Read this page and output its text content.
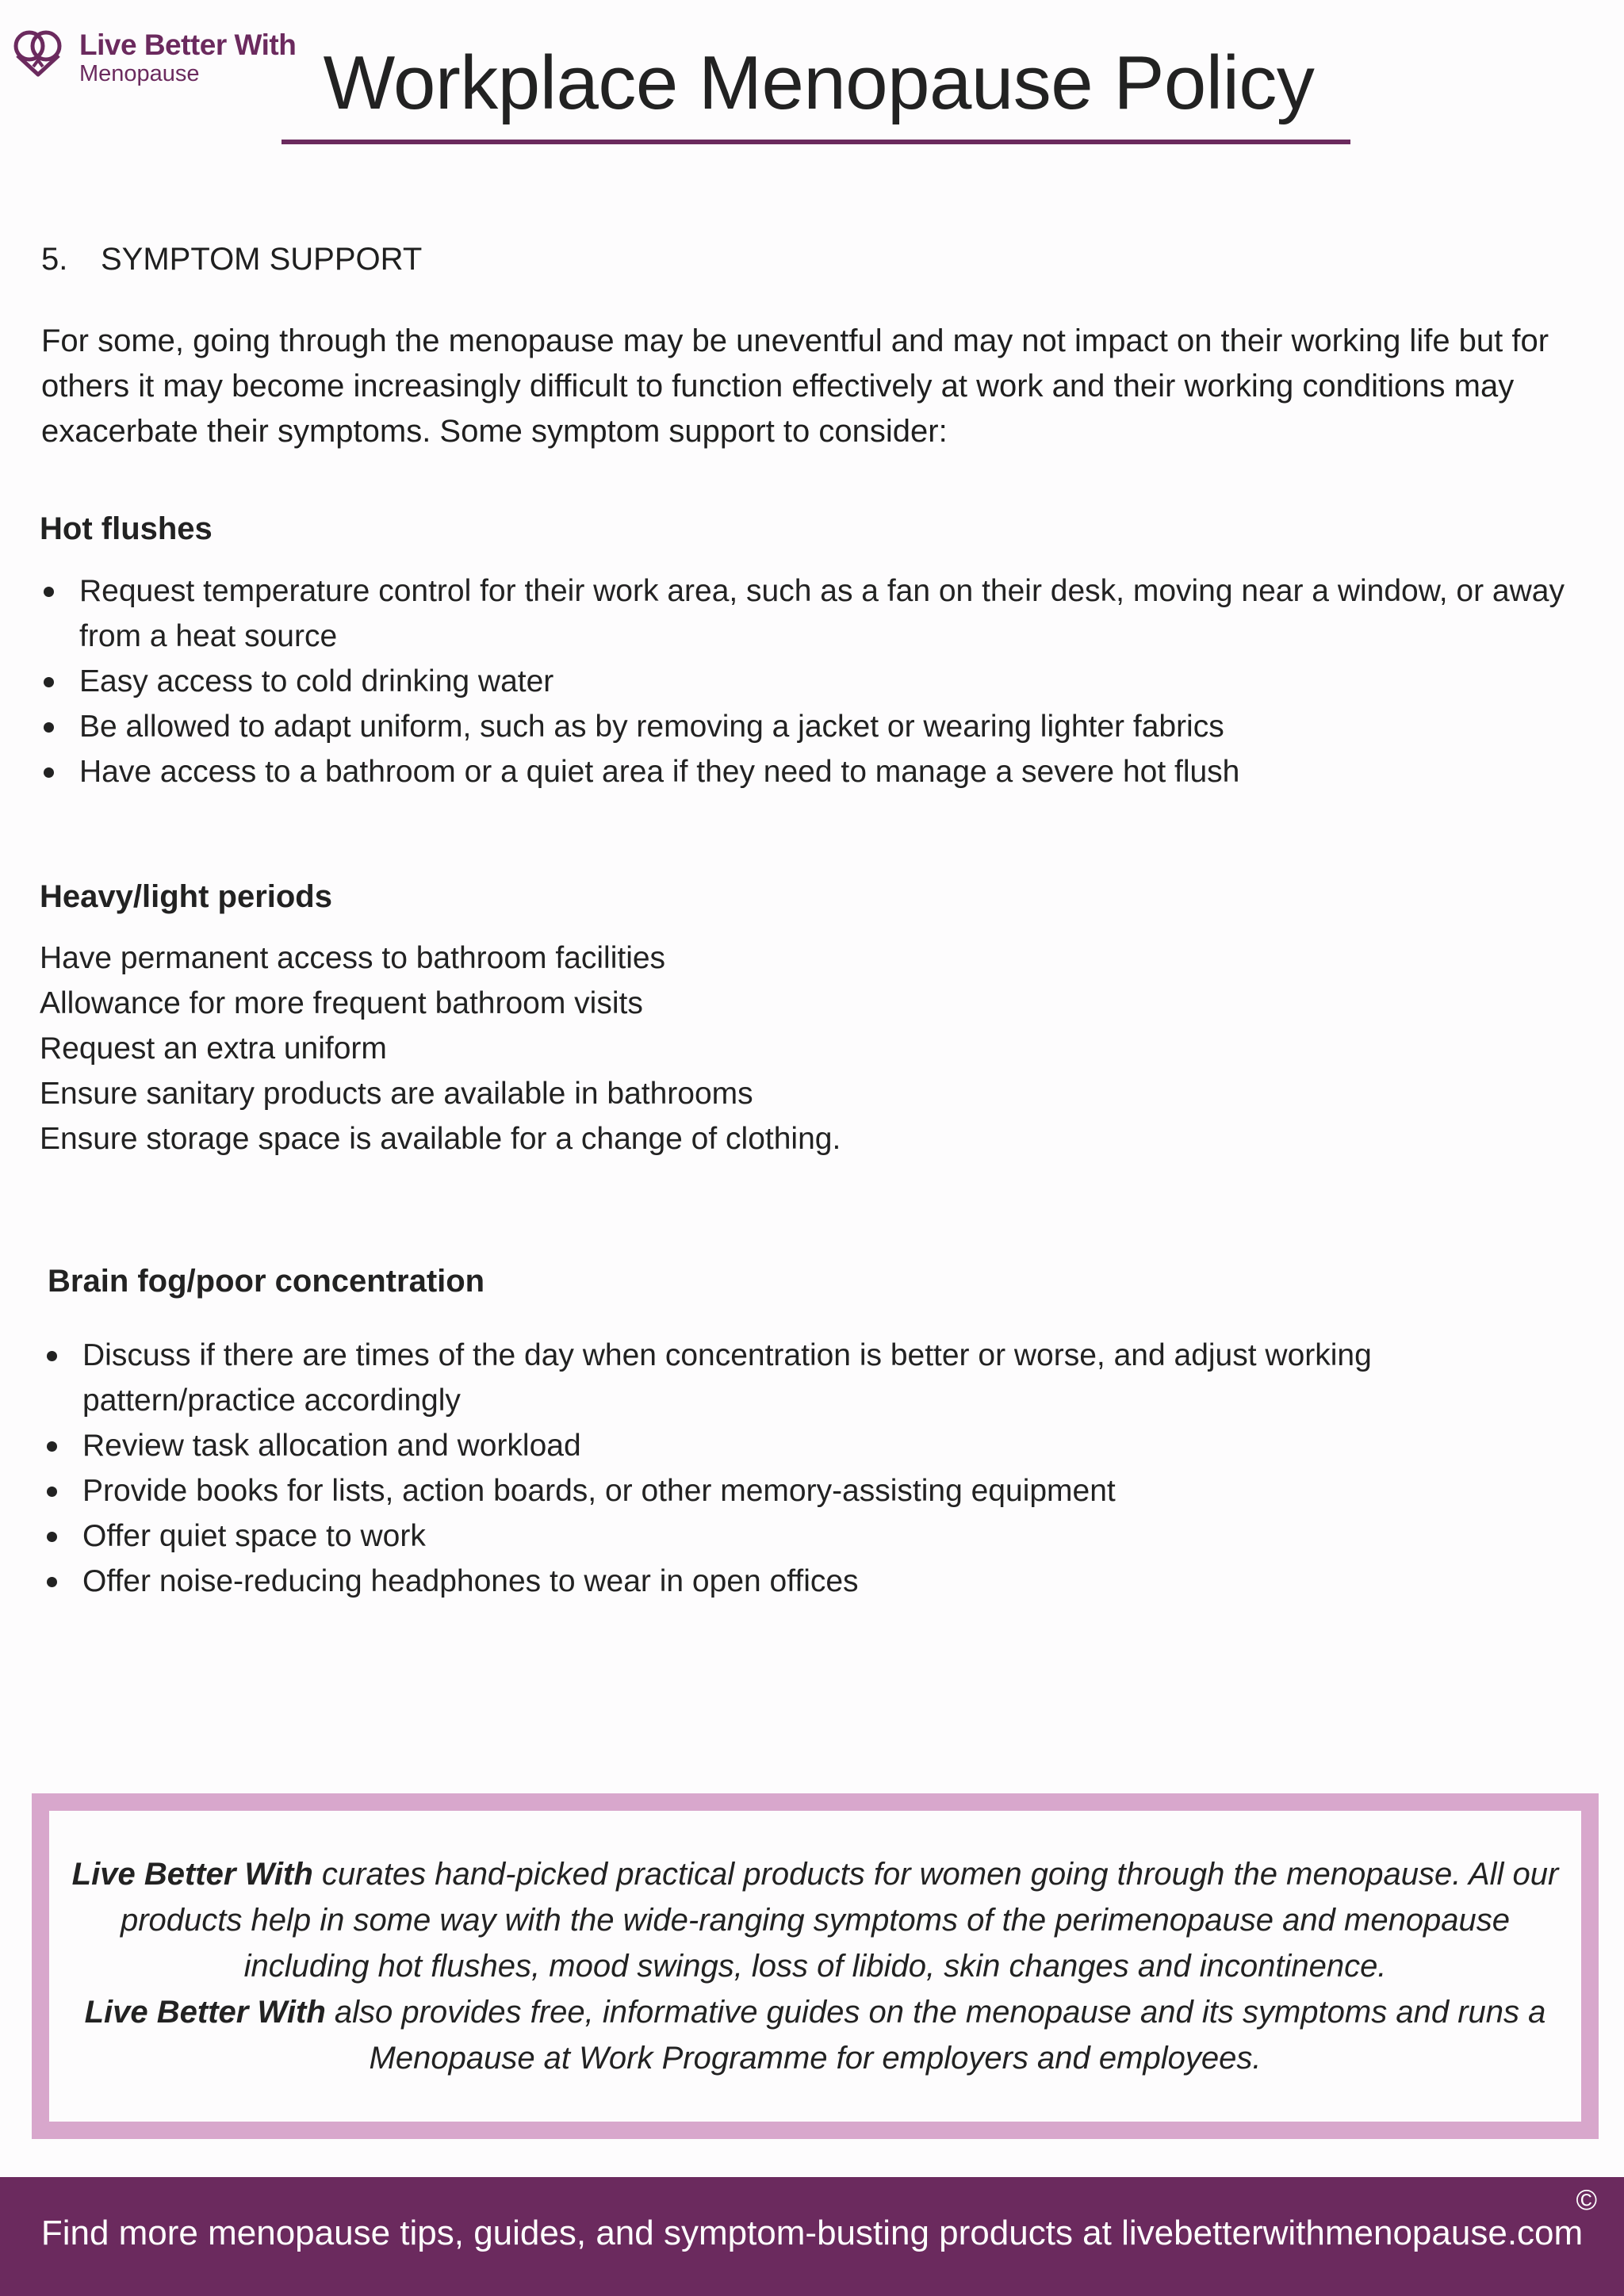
Live Better With
Menopause	Workplace Menopause Policy
5. SYMPTOM SUPPORT

For some, going through the menopause may be uneventful and may not impact on their working life but for others it may become increasingly difficult to function effectively at work and their working conditions may exacerbate their symptoms. Some symptom support to consider:

Hot flushes
Request temperature control for their work area, such as a fan on their desk, moving near a window, or away from a heat source
Easy access to cold drinking water
Be allowed to adapt uniform, such as by removing a jacket or wearing lighter fabrics
Have access to a bathroom or a quiet area if they need to manage a severe hot flush
Heavy/light periods
Have permanent access to bathroom facilities
Allowance for more frequent bathroom visits
Request an extra uniform
Ensure sanitary products are available in bathrooms
Ensure storage space is available for a change of clothing.
Brain fog/poor concentration
Discuss if there are times of the day when concentration is better or worse, and adjust working pattern/practice accordingly
Review task allocation and workload
Provide books for lists, action boards, or other memory-assisting equipment
Offer quiet space to work
Offer noise-reducing headphones to wear in open offices

Live Better With curates hand-picked practical products for women going through the menopause. All our products help in some way with the wide-ranging symptoms of the perimenopause and menopause including hot flushes, mood swings, loss of libido, skin changes and incontinence.

Live Better With also provides free, informative guides on the menopause and its symptoms and runs a Menopause at Work Programme for employers and employees.

©
Find more menopause tips, guides, and symptom-busting products at livebetterwithmenopause.com
